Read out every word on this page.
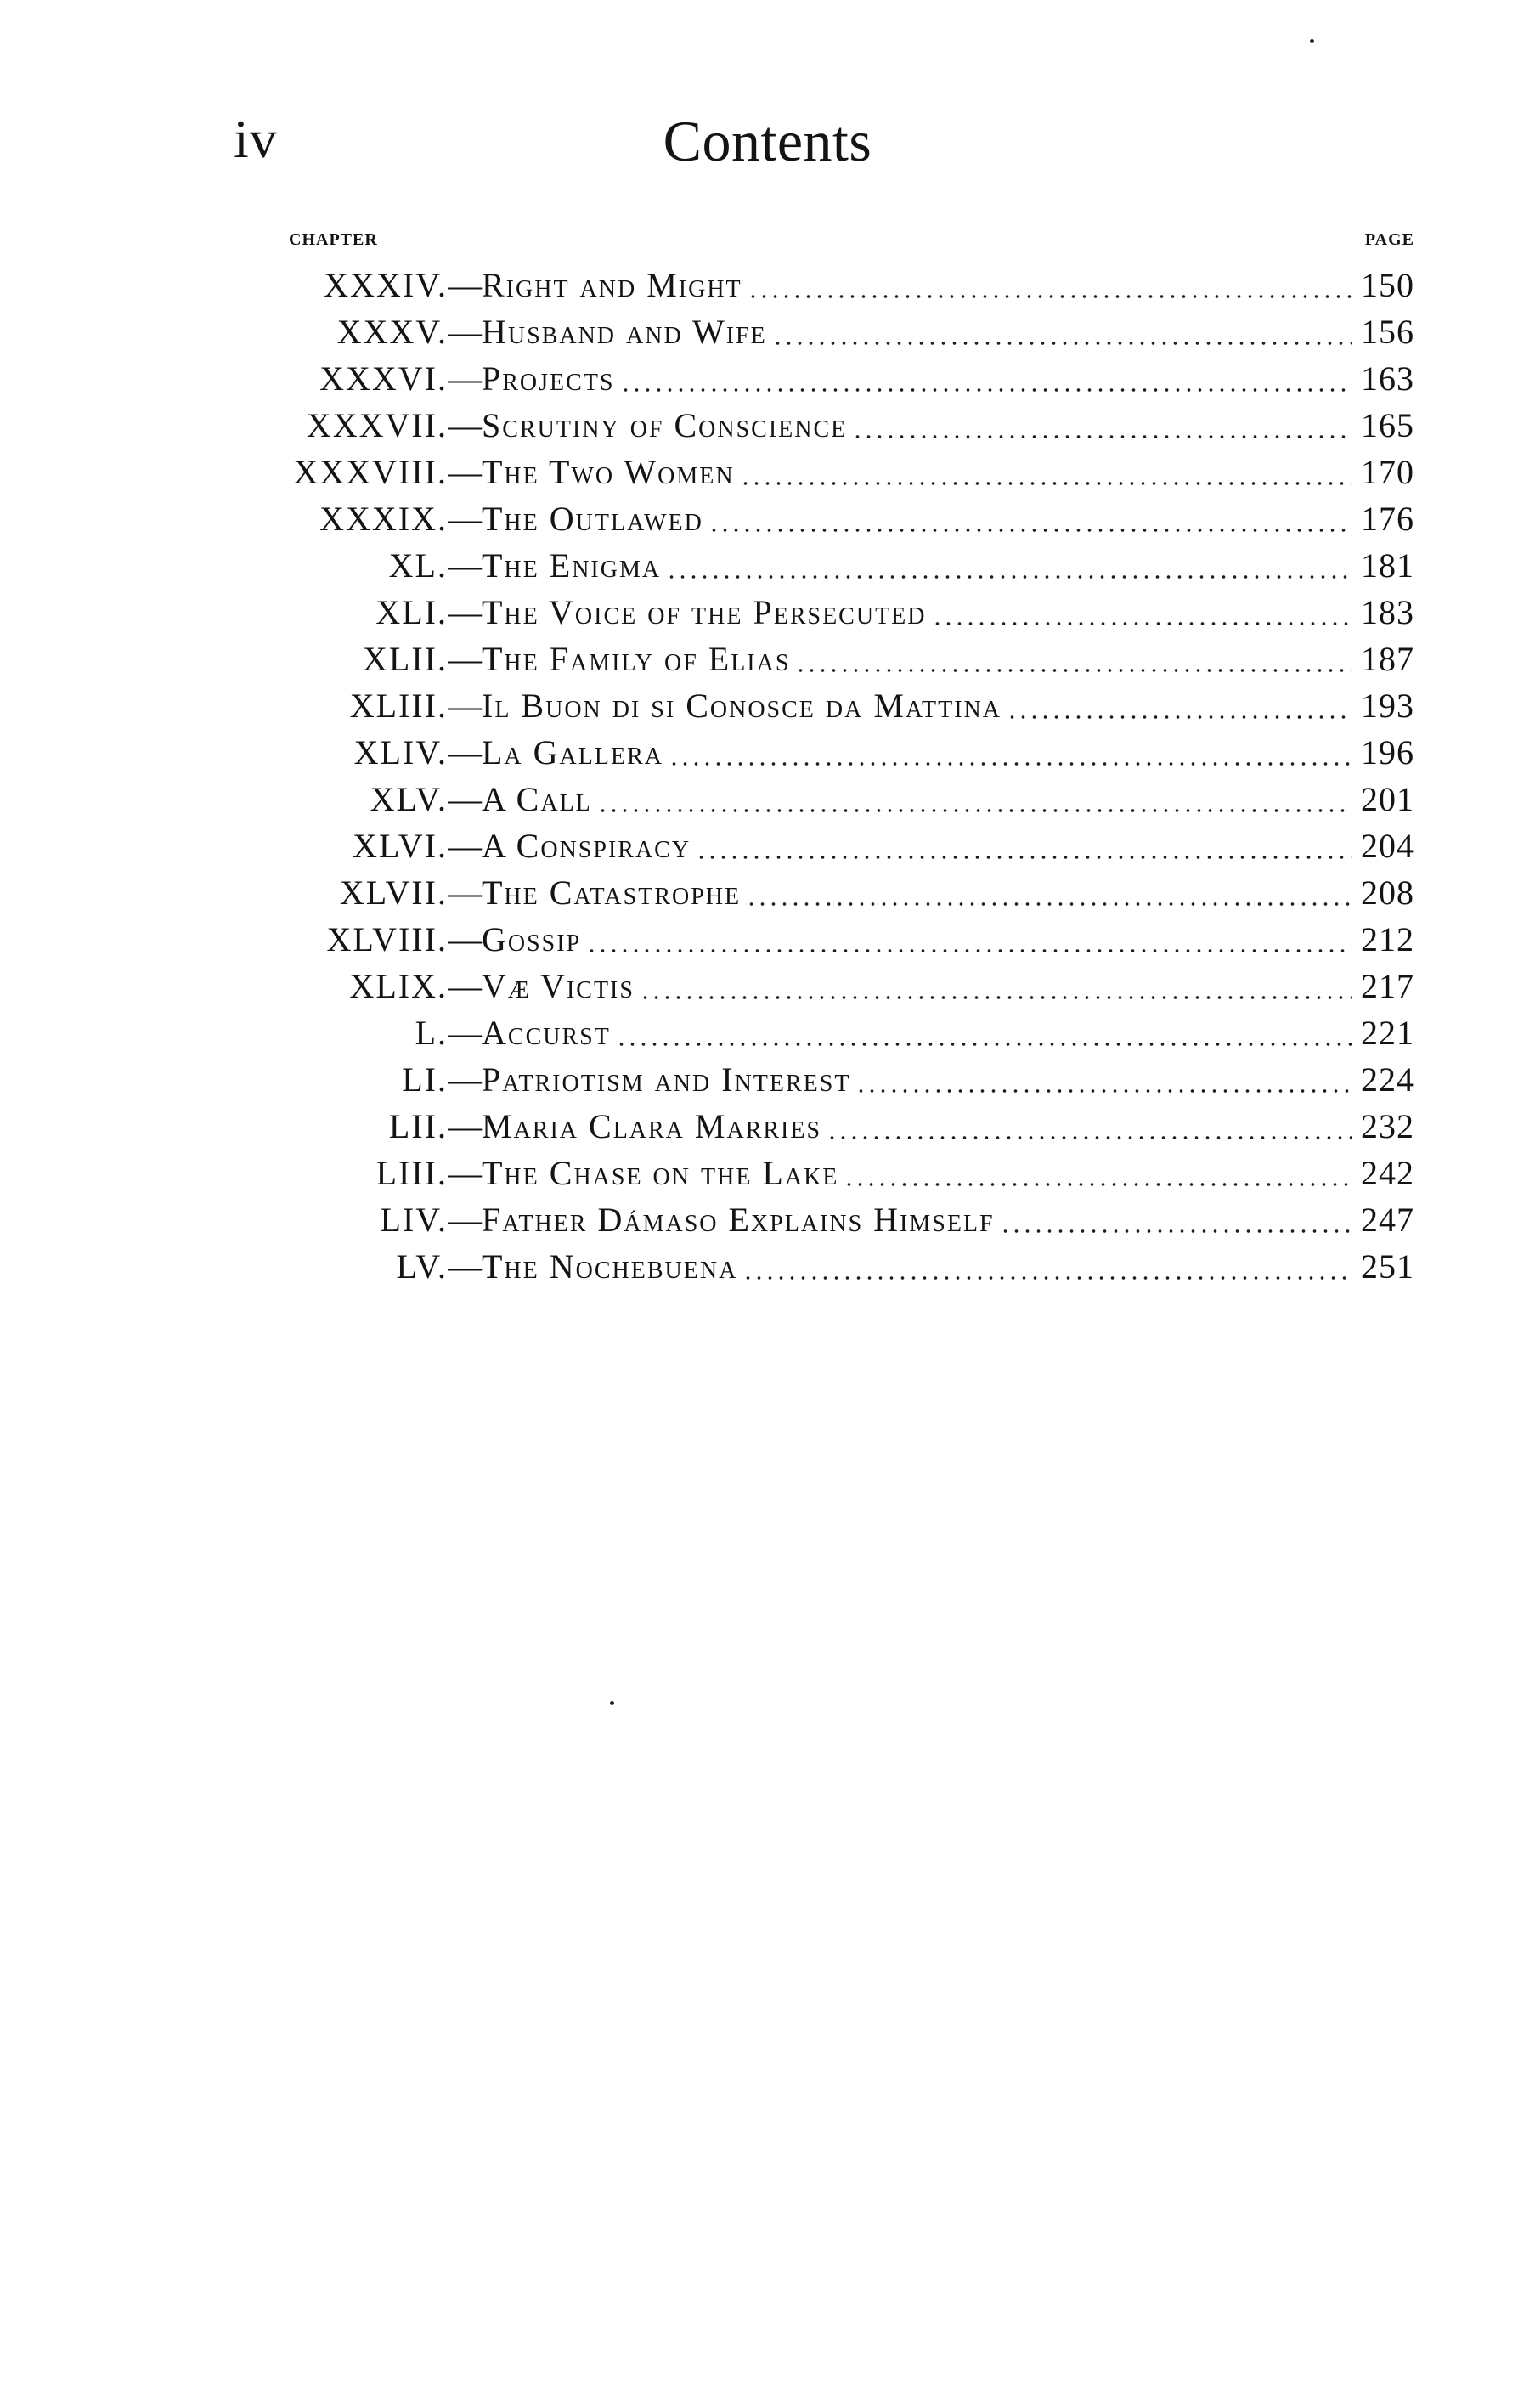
iv	Contents
CHAPTER	PAGE
XXXIV. — Right and Might	150
XXXV. — Husband and Wife	156
XXXVI. — Projects	163
XXXVII. — Scrutiny of Conscience	165
XXXVIII. — The Two Women	170
XXXIX. — The Outlawed	176
XL. — The Enigma	181
XLI. — The Voice of the Persecuted	183
XLII. — The Family of Elias	187
XLIII. — Il Buon di si Conosce da Mattina	193
XLIV. — La Gallera	196
XLV. — A Call	201
XLVI. — A Conspiracy	204
XLVII. — The Catastrophe	208
XLVIII. — Gossip	212
XLIX. — Væ Victis	217
L. — Accurst	221
LI. — Patriotism and Interest	224
LII. — Maria Clara Marries	232
LIII. — The Chase on the Lake	242
LIV. — Father Dámaso Explains Himself	247
LV. — The Nochebuena	251
